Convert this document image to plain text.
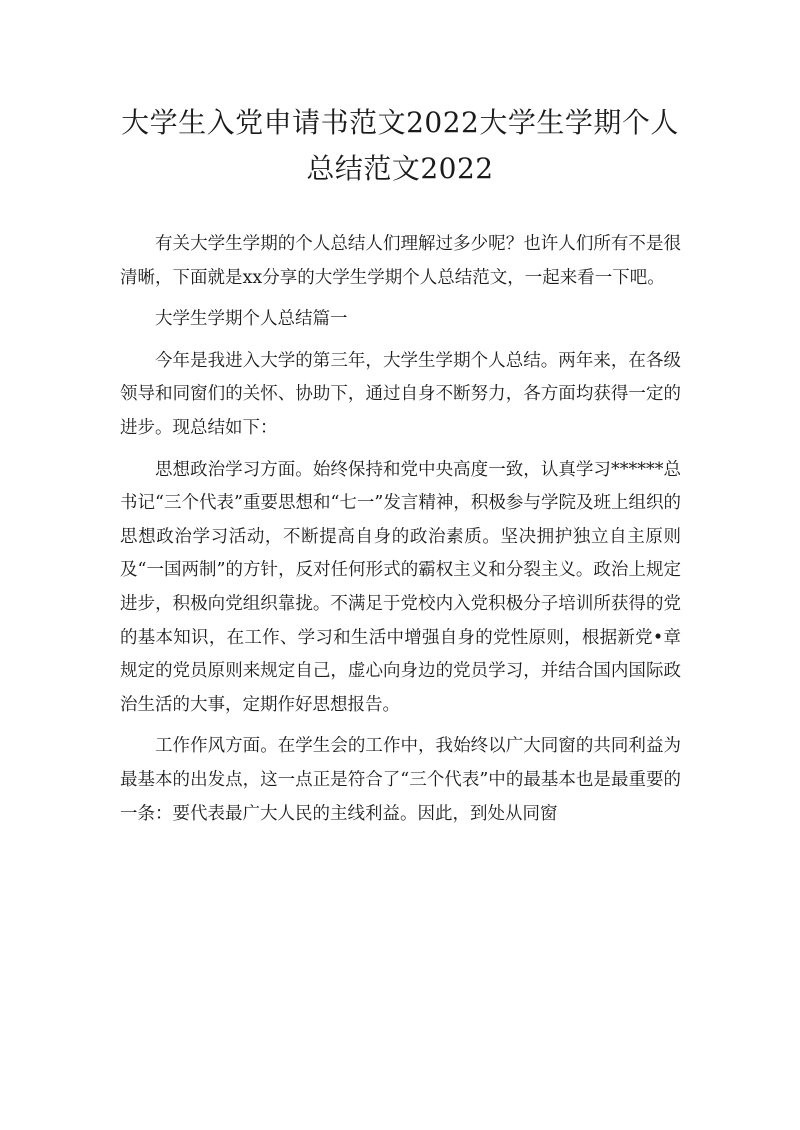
大学生入党申请书范文2022大学生学期个人总结范文2022

有关大学生学期的个人总结人们理解过多少呢？也许人们所有不是很清晰，下面就是xx分享的大学生学期个人总结范文，一起来看一下吧。

大学生学期个人总结篇一

今年是我进入大学的第三年，大学生学期个人总结。两年来，在各级领导和同窗们的关怀、协助下，通过自身不断努力，各方面均获得一定的进步。现总结如下：

思想政治学习方面。始终保持和党中央高度一致，认真学习******总书记“三个代表”重要思想和“七一”发言精神，积极参与学院及班上组织的思想政治学习活动，不断提高自身的政治素质。坚决拥护独立自主原则及“一国两制”的方针，反对任何形式的霸权主义和分裂主义。政治上规定进步，积极向党组织靠拢。不满足于党校内入党积极分子培训所获得的党的基本知识，在工作、学习和生活中增强自身的党性原则，根据新党•章规定的党员原则来规定自己，虚心向身边的党员学习，并结合国内国际政治生活的大事，定期作好思想报告。

工作作风方面。在学生会的工作中，我始终以广大同窗的共同利益为最基本的出发点，这一点正是符合了“三个代表”中的最基本也是最重要的一条：要代表最广大人民的主线利益。因此，到处从同窗
